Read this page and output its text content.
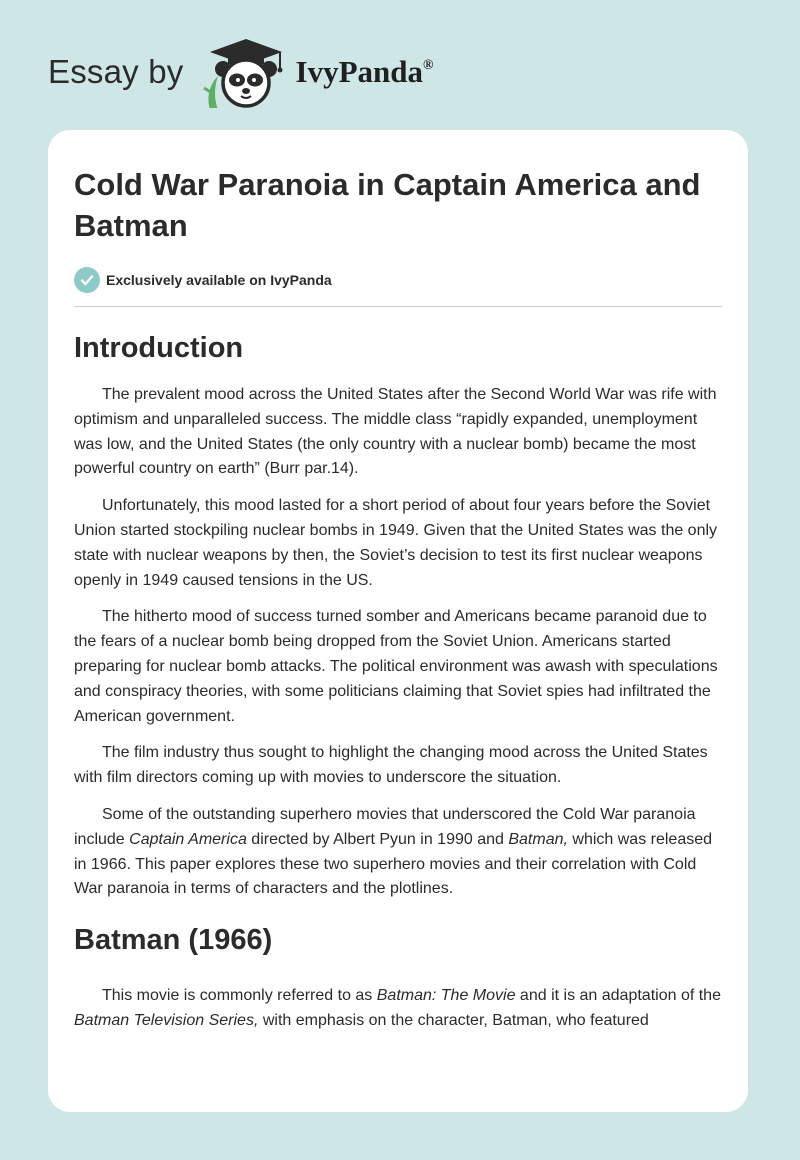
Essay by	IvyPanda®
Cold War Paranoia in Captain America and Batman
Exclusively available on IvyPanda
Introduction

The prevalent mood across the United States after the Second World War was rife with optimism and unparalleled success. The middle class “rapidly expanded, unemployment was low, and the United States (the only country with a nuclear bomb) became the most powerful country on earth” (Burr par.14).

Unfortunately, this mood lasted for a short period of about four years before the Soviet Union started stockpiling nuclear bombs in 1949. Given that the United States was the only state with nuclear weapons by then, the Soviet’s decision to test its first nuclear weapons openly in 1949 caused tensions in the US.

The hitherto mood of success turned somber and Americans became paranoid due to the fears of a nuclear bomb being dropped from the Soviet Union. Americans started preparing for nuclear bomb attacks. The political environment was awash with speculations and conspiracy theories, with some politicians claiming that Soviet spies had infiltrated the American government.

The film industry thus sought to highlight the changing mood across the United States with film directors coming up with movies to underscore the situation.

Some of the outstanding superhero movies that underscored the Cold War paranoia include Captain America directed by Albert Pyun in 1990 and Batman, which was released in 1966. This paper explores these two superhero movies and their correlation with Cold War paranoia in terms of characters and the plotlines.

Batman (1966)

This movie is commonly referred to as Batman: The Movie and it is an adaptation of the Batman Television Series, with emphasis on the character, Batman, who featured
